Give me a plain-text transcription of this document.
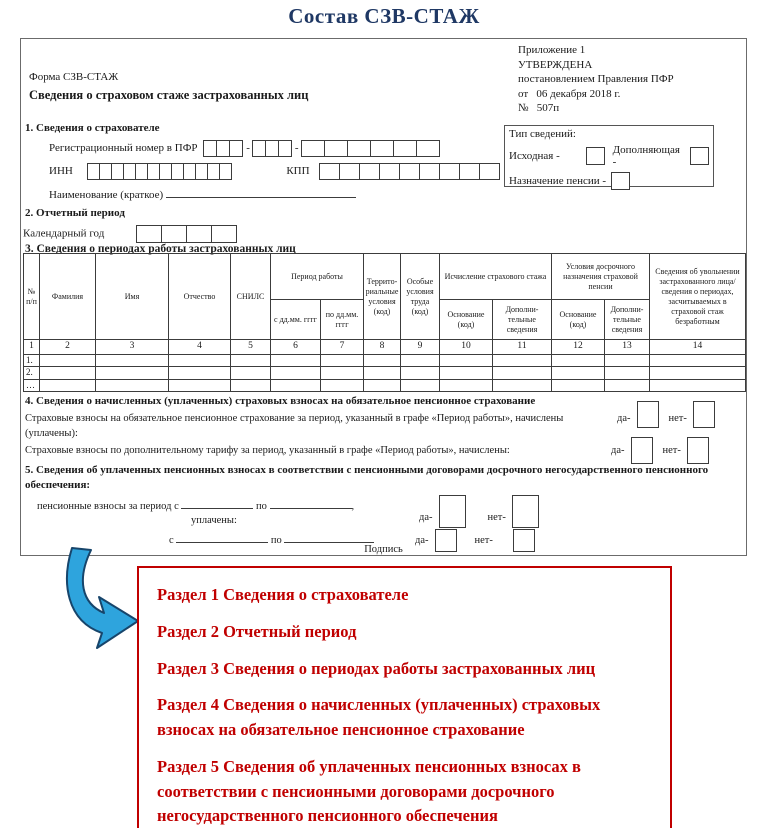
Состав СЗВ-СТАЖ
Приложение 1
УТВЕРЖДЕНА
постановлением Правления ПФР
от   06 декабря 2018 г.
№   507п
Форма СЗВ-СТАЖ
Сведения о страховом стаже застрахованных лиц
1. Сведения о страхователе
Регистрационный номер в ПФР	-	-
ИНН	КПП
Наименование (краткое)
Тип сведений:
Исходная -	Дополняющая -
Назначение пенсии -
2. Отчетный период
Календарный год
3. Сведения о периодах работы застрахованных лиц
№ п/п	Фамилия	Имя	Отчество	СНИЛС	Период работы		Террито-риальные условия (код)	Особые условия труда (код)	Исчисление страхового стажа		Условия досрочного назначения страховой пенсии		Сведения об увольнении застрахованного лица/сведения о периодах, засчитываемых в страховой стаж безработным
					с дд.мм. гггг	по дд.мм. гггг			Основание (код)	Дополни-тельные сведения	Основание (код)	Дополни-тельные сведения	
1	2	3	4	5	6	7	8	9	10	11	12	13	14
1.													
2.													
…													
4. Сведения о начисленных (уплаченных) страховых взносах на обязательное пенсионное страхование
Страховые взносы на обязательное пенсионное страхование за период, указанный в графе «Период работы», начислены (уплачены):
Страховые взносы по дополнительному тарифу за период, указанный в графе «Период работы», начислены:
да-	нет-
да-	нет-
5. Сведения об уплаченных пенсионных взносах в соответствии с пенсионными договорами досрочного негосударственного пенсионного обеспечения:
пенсионные взносы за период с	по	,
уплачены:
с	по
да-	нет-
да-	нет-
Подпись

Раздел 1 Сведения о страхователе

Раздел 2 Отчетный период

Раздел 3 Сведения о периодах работы застрахованных лиц

Раздел 4 Сведения о начисленных (уплаченных) страховых взносах на обязательное пенсионное страхование

Раздел 5 Сведения об уплаченных пенсионных взносах в соответствии с пенсионными договорами досрочного негосударственного пенсионного обеспечения
